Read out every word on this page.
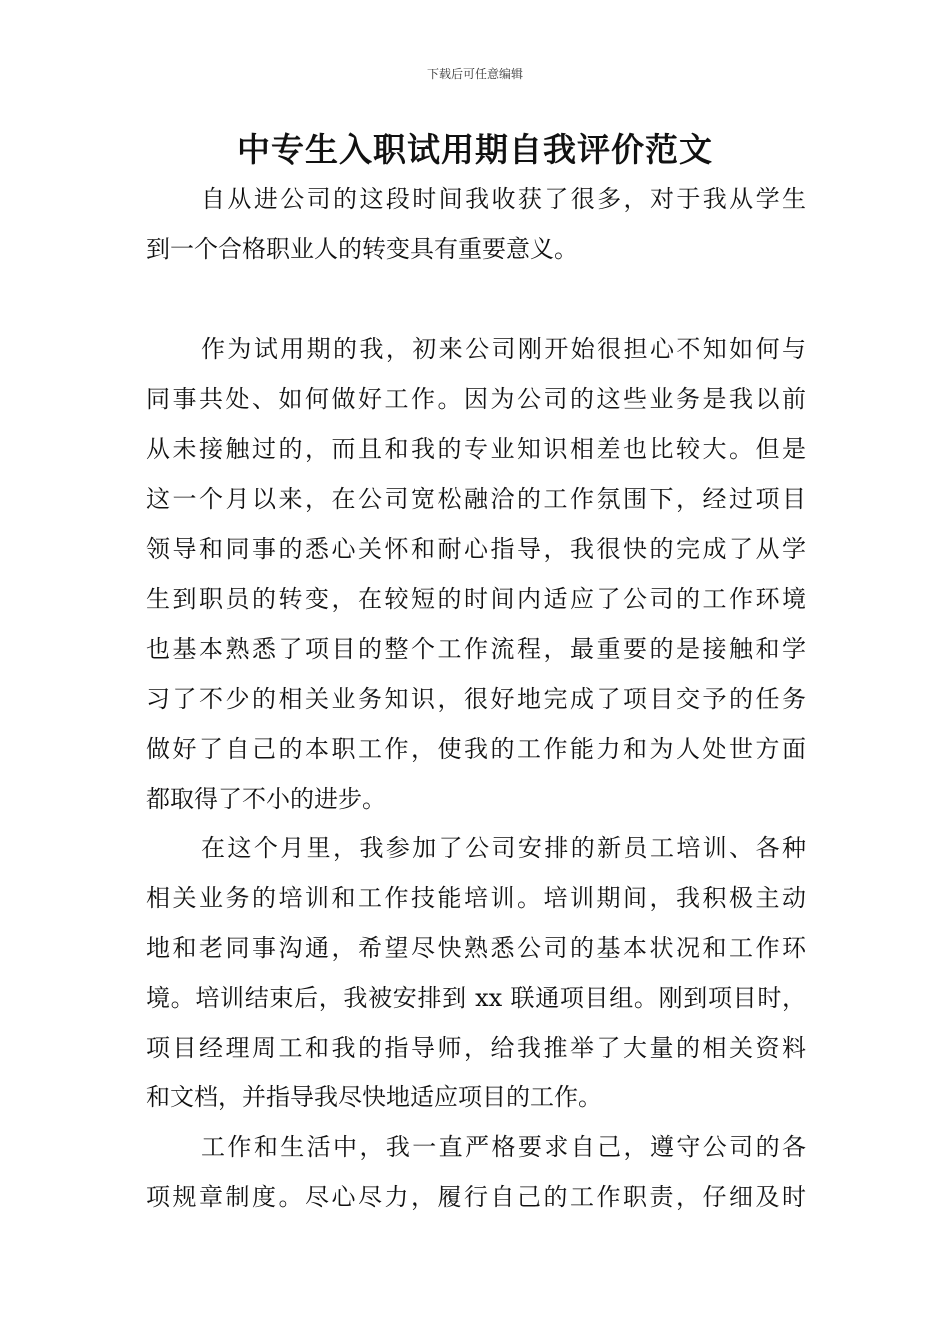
下载后可任意编辑
中专生入职试用期自我评价范文
自从进公司的这段时间我收获了很多，对于我从学生
到一个合格职业人的转变具有重要意义。
作为试用期的我，初来公司刚开始很担心不知如何与
同事共处、如何做好工作。因为公司的这些业务是我以前
从未接触过的，而且和我的专业知识相差也比较大。但是
这一个月以来，在公司宽松融洽的工作氛围下，经过项目
领导和同事的悉心关怀和耐心指导，我很快的完成了从学
生到职员的转变，在较短的时间内适应了公司的工作环境
也基本熟悉了项目的整个工作流程，最重要的是接触和学
习了不少的相关业务知识，很好地完成了项目交予的任务
做好了自己的本职工作，使我的工作能力和为人处世方面
都取得了不小的进步。
在这个月里，我参加了公司安排的新员工培训、各种
相关业务的培训和工作技能培训。培训期间，我积极主动
地和老同事沟通，希望尽快熟悉公司的基本状况和工作环
境。培训结束后，我被安排到 xx 联通项目组。刚到项目时，
项目经理周工和我的指导师，给我推举了大量的相关资料
和文档，并指导我尽快地适应项目的工作。
工作和生活中，我一直严格要求自己，遵守公司的各
项规章制度。尽心尽力，履行自己的工作职责，仔细及时
